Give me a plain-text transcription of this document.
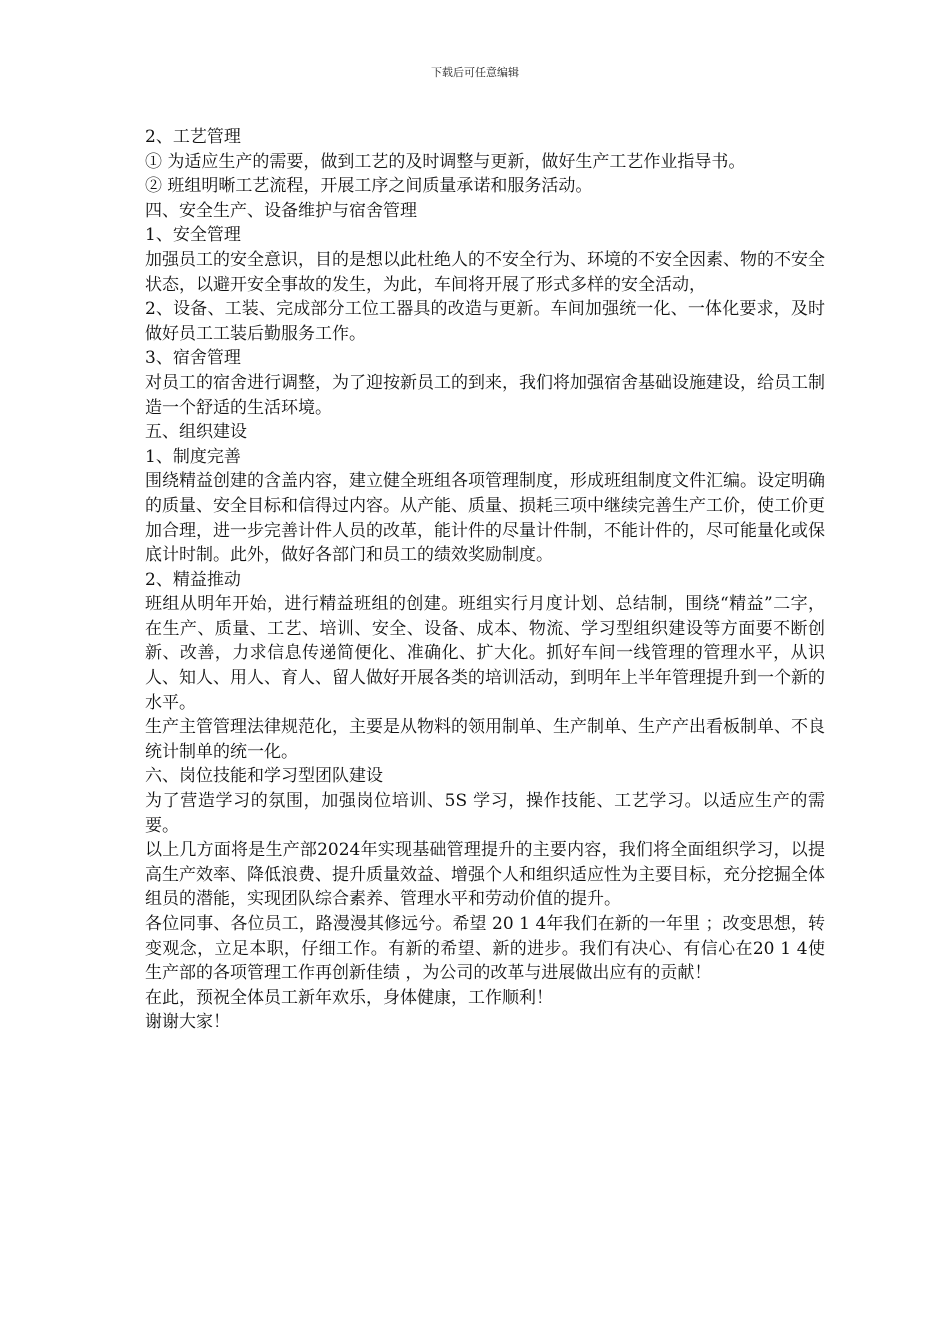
下载后可任意编辑

2、工艺管理

① 为适应生产的需要，做到工艺的及时调整与更新，做好生产工艺作业指导书。

② 班组明晰工艺流程，开展工序之间质量承诺和服务活动。

四、安全生产、设备维护与宿舍管理

1、安全管理

加强员工的安全意识，目的是想以此杜绝人的不安全行为、环境的不安全因素、物的不安全状态，以避开安全事故的发生，为此，车间将开展了形式多样的安全活动，

2、设备、工装、完成部分工位工器具的改造与更新。车间加强统一化、一体化要求，及时做好员工工装后勤服务工作。

3、宿舍管理

对员工的宿舍进行调整，为了迎按新员工的到来，我们将加强宿舍基础设施建设，给员工制造一个舒适的生活环境。

五、组织建设

1、制度完善

围绕精益创建的含盖内容，建立健全班组各项管理制度，形成班组制度文件汇编。设定明确的质量、安全目标和信得过内容。从产能、质量、损耗三项中继续完善生产工价，使工价更加合理，进一步完善计件人员的改革，能计件的尽量计件制，不能计件的，尽可能量化或保底计时制。此外，做好各部门和员工的绩效奖励制度。

2、精益推动

班组从明年开始，进行精益班组的创建。班组实行月度计划、总结制，围绕“精益”二字，在生产、质量、工艺、培训、安全、设备、成本、物流、学习型组织建设等方面要不断创新、改善，力求信息传递简便化、准确化、扩大化。抓好车间一线管理的管理水平，从识人、知人、用人、育人、留人做好开展各类的培训活动，到明年上半年管理提升到一个新的水平。

生产主管管理法律规范化，主要是从物料的领用制单、生产制单、生产产出看板制单、不良统计制单的统一化。

六、岗位技能和学习型团队建设

为了营造学习的氛围，加强岗位培训、5S 学习，操作技能、工艺学习。以适应生产的需要。

以上几方面将是生产部2024年实现基础管理提升的主要内容，我们将全面组织学习，以提高生产效率、降低浪费、提升质量效益、增强个人和组织适应性为主要目标，充分挖掘全体组员的潜能，实现团队综合素养、管理水平和劳动价值的提升。

各位同事、各位员工，路漫漫其修远兮。希望 20 1 4年我们在新的一年里 ；改变思想，转变观念，立足本职，仔细工作。有新的希望、新的进步。我们有决心、有信心在20 1 4使生产部的各项管理工作再创新佳绩 ，为公司的改革与进展做出应有的贡献！

在此，预祝全体员工新年欢乐，身体健康，工作顺利！

谢谢大家！
